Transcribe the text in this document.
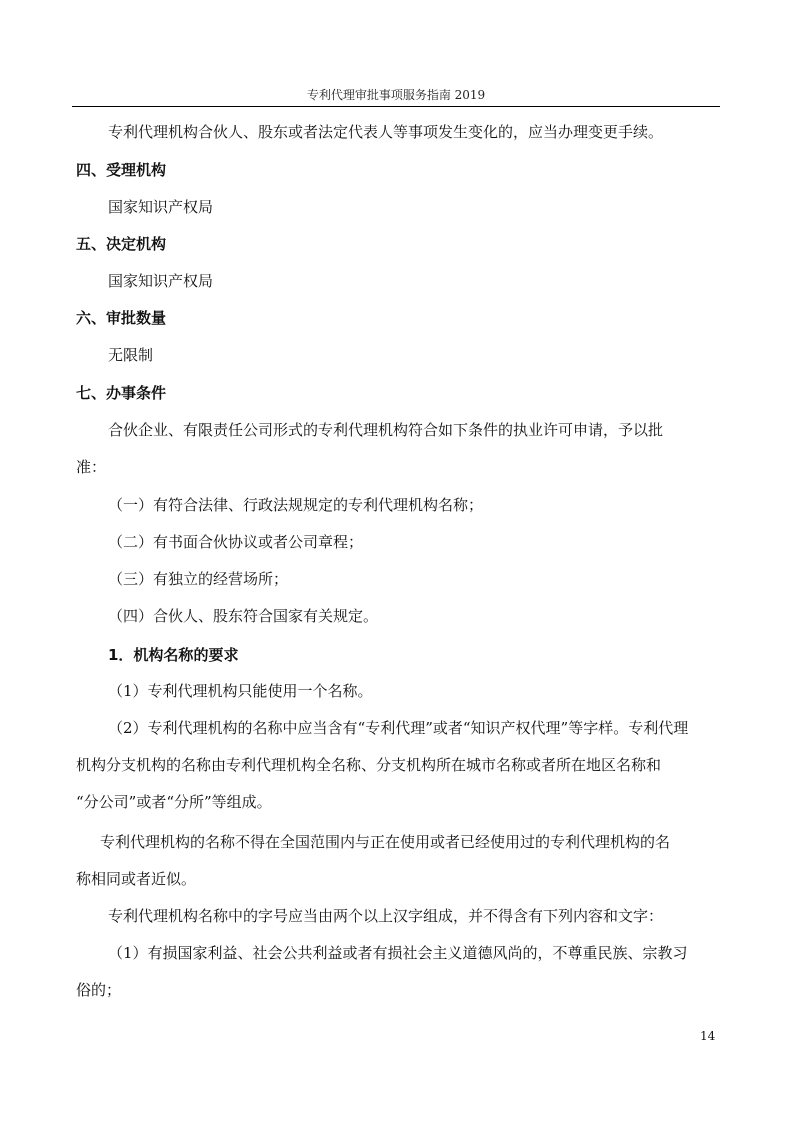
专利代理审批事项服务指南 2019
专利代理机构合伙人、股东或者法定代表人等事项发生变化的，应当办理变更手续。
四、受理机构
国家知识产权局
五、决定机构
国家知识产权局
六、审批数量
无限制
七、办事条件
合伙企业、有限责任公司形式的专利代理机构符合如下条件的执业许可申请，予以批
准：
（一）有符合法律、行政法规规定的专利代理机构名称；
（二）有书面合伙协议或者公司章程；
（三）有独立的经营场所；
（四）合伙人、股东符合国家有关规定。
1．机构名称的要求
（1）专利代理机构只能使用一个名称。
（2）专利代理机构的名称中应当含有“专利代理”或者“知识产权代理”等字样。专利代理
机构分支机构的名称由专利代理机构全名称、分支机构所在城市名称或者所在地区名称和
“分公司”或者“分所”等组成。
专利代理机构的名称不得在全国范围内与正在使用或者已经使用过的专利代理机构的名
称相同或者近似。
专利代理机构名称中的字号应当由两个以上汉字组成，并不得含有下列内容和文字：
（1）有损国家利益、社会公共利益或者有损社会主义道德风尚的，不尊重民族、宗教习
俗的；
14
